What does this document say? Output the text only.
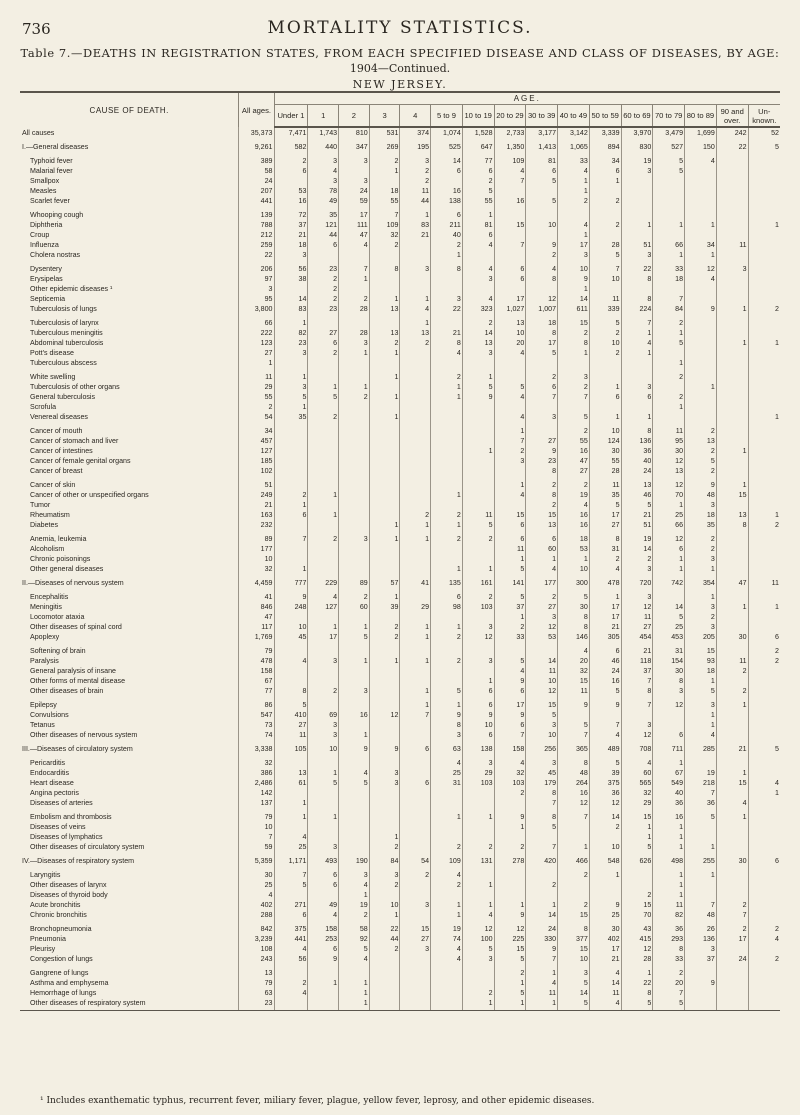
736	MORTALITY STATISTICS.
Table 7.—DEATHS IN REGISTRATION STATES, FROM EACH SPECIFIED DISEASE AND CLASS OF DISEASES, BY AGE:
1904—Continued.
NEW JERSEY.
CAUSE OF DEATH.	All ages.	AGE.															
		Under 1	1	2	3	4	5 to 9	10 to 19	20 to 29	30 to 39	40 to 49	50 to 59	60 to 69	70 to 79	80 to 89	90 and over.	Un- known.
All causes	35,373	7,471	1,743	810	531	374	1,074	1,528	2,733	3,177	3,142	3,339	3,970	3,479	1,699	242	52

I.—General diseases	9,261	582	440	347	269	195	525	647	1,350	1,413	1,065	894	830	527	150	22	5

Typhoid fever	389	2	3	3	2	3	14	77	109	81	33	34	19	5	4		
Malarial fever	58	6	4		1	2	6	6	4	6	4	6	3	5			
Smallpox	24		3	3		2		2	7	5	1	1					
Measles	207	53	78	24	18	11	16	5			1						
Scarlet fever	441	16	49	59	55	44	138	55	16	5	2	2					

Whooping cough	139	72	35	17	7	1	6	1									
Diphtheria	788	37	121	111	109	83	211	81	15	10	4	2	1	1	1		1
Croup	212	21	44	47	32	21	40	6			1						
Influenza	259	18	6	4	2		2	4	7	9	17	28	51	66	34	11	
Cholera nostras	22	3					1			2	3	5	3	1	1		

Dysentery	206	56	23	7	8	3	8	4	6	4	10	7	22	33	12	3	
Erysipelas	97	38	2	1				3	6	8	9	10	8	18	4		
Other epidemic diseases ¹	3		2								1						
Septicemia	95	14	2	2	1	1	3	4	17	12	14	11	8	7			
Tuberculosis of lungs	3,800	83	23	28	13	4	22	323	1,027	1,007	611	339	224	84	9	1	2

Tuberculosis of larynx	66	1				1		2	13	18	15	5	7	2			
Tuberculous meningitis	222	82	27	28	13	13	21	14	10	8	2	2	1	1			
Abdominal tuberculosis	123	23	6	3	2	2	8	13	20	17	8	10	4	5		1	1
Pott's disease	27	3	2	1	1		4	3	4	5	1	2	1				
Tuberculous abscess	1													1			

White swelling	11	1			1		2	1		2	3			2			
Tuberculosis of other organs	29	3	1	1			1	5	5	6	2	1	3		1		
General tuberculosis	55	5	5	2	1		1	9	4	7	7	6	6	2			
Scrofula	2	1												1			
Venereal diseases	54	35	2		1				4	3	5	1	1				1

Cancer of mouth	34								1		2	10	8	11	2		
Cancer of stomach and liver	457								7	27	55	124	136	95	13		
Cancer of intestines	127							1	2	9	16	30	36	30	2	1	
Cancer of female genital organs	185								3	23	47	55	40	12	5		
Cancer of breast	102									8	27	28	24	13	2		

Cancer of skin	51								1	2	2	11	13	12	9	1	
Cancer of other or unspecified organs	249	2	1				1		4	8	19	35	46	70	48	15	
Tumor	21	1								2	4	5	5	1	3		
Rheumatism	163	6	1			2	2	11	15	15	16	17	21	25	18	13	1
Diabetes	232				1	1	1	5	6	13	16	27	51	66	35	8	2

Anemia, leukemia	89	7	2	3	1	1	2	2	6	6	18	8	19	12	2		
Alcoholism	177								11	60	53	31	14	6	2		
Chronic poisonings	10								1	1	1	2	2	1	3		
Other general diseases	32	1					1	1	5	4	10	4	3	1	1		

II.—Diseases of nervous system	4,459	777	229	89	57	41	135	161	141	177	300	478	720	742	354	47	11

Encephalitis	41	9	4	2	1		6	2	5	2	5	1	3		1		
Meningitis	846	248	127	60	39	29	98	103	37	27	30	17	12	14	3	1	1
Locomotor ataxia	47								1	3	8	17	11	5	2		
Other diseases of spinal cord	117	10	1	1	2	1	1	3	2	12	8	21	27	25	3		
Apoplexy	1,769	45	17	5	2	1	2	12	33	53	146	305	454	453	205	30	6

Softening of brain	79										4	6	21	31	15		2
Paralysis	478	4	3	1	1	1	2	3	5	14	20	46	118	154	93	11	2
General paralysis of insane	158								4	11	32	24	37	30	18	2	
Other forms of mental disease	67							1	9	10	15	16	7	8	1		
Other diseases of brain	77	8	2	3		1	5	6	6	12	11	5	8	3	5	2	

Epilepsy	86	5				1	1	6	17	15	9	9	7	12	3	1	
Convulsions	547	410	69	16	12	7	9	9	9	5					1		
Tetanus	73	27	3				8	10	6	3	5	7	3		1		
Other diseases of nervous system	74	11	3	1			3	6	7	10	7	4	12	6	4		

III.—Diseases of circulatory system	3,338	105	10	9	9	6	63	138	158	256	365	489	708	711	285	21	5

Pericarditis	32						4	3	4	3	8	5	4	1			
Endocarditis	386	13	1	4	3		25	29	32	45	48	39	60	67	19	1	
Heart disease	2,486	61	5	5	3	6	31	103	103	179	264	375	565	549	218	15	4
Angina pectoris	142								2	8	16	36	32	40	7		1
Diseases of arteries	137	1								7	12	12	29	36	36	4	

Embolism and thrombosis	79	1	1				1	1	9	8	7	14	15	16	5	1	
Diseases of veins	10								1	5		2	1	1			
Diseases of lymphatics	7	4			1								1	1			
Other diseases of circulatory system	59	25	3		2		2	2	2	7	1	10	5	1	1		

IV.—Diseases of respiratory system	5,359	1,171	493	190	84	54	109	131	278	420	466	548	626	498	255	30	6

Laryngitis	30	7	6	3	3	2	4				2	1		1	1		
Other diseases of larynx	25	5	6	4	2		2	1		2				1			
Diseases of thyroid body	4			1									2	1			
Acute bronchitis	402	271	49	19	10	3	1	1	1	1	2	9	15	11	7	2	
Chronic bronchitis	288	6	4	2	1		1	4	9	14	15	25	70	82	48	7	

Bronchopneumonia	842	375	158	58	22	15	19	12	12	24	8	30	43	36	26	2	2
Pneumonia	3,239	441	253	92	44	27	74	100	225	330	377	402	415	293	136	17	4
Pleurisy	108	4	6	5	2	3	4	5	15	9	15	17	12	8	3		
Congestion of lungs	243	56	9	4			4	3	5	7	10	21	28	33	37	24	2

Gangrene of lungs	13								2	1	3	4	1	2			
Asthma and emphysema	79	2	1	1					1	4	5	14	22	20	9		
Hemorrhage of lungs	63	4		1				2	5	11	14	11	8	7			
Other diseases of respiratory system	23			1				1	1	1	5	4	5	5			

¹ Includes exanthematic typhus, recurrent fever, miliary fever, plague, yellow fever, leprosy, and other epidemic diseases.
